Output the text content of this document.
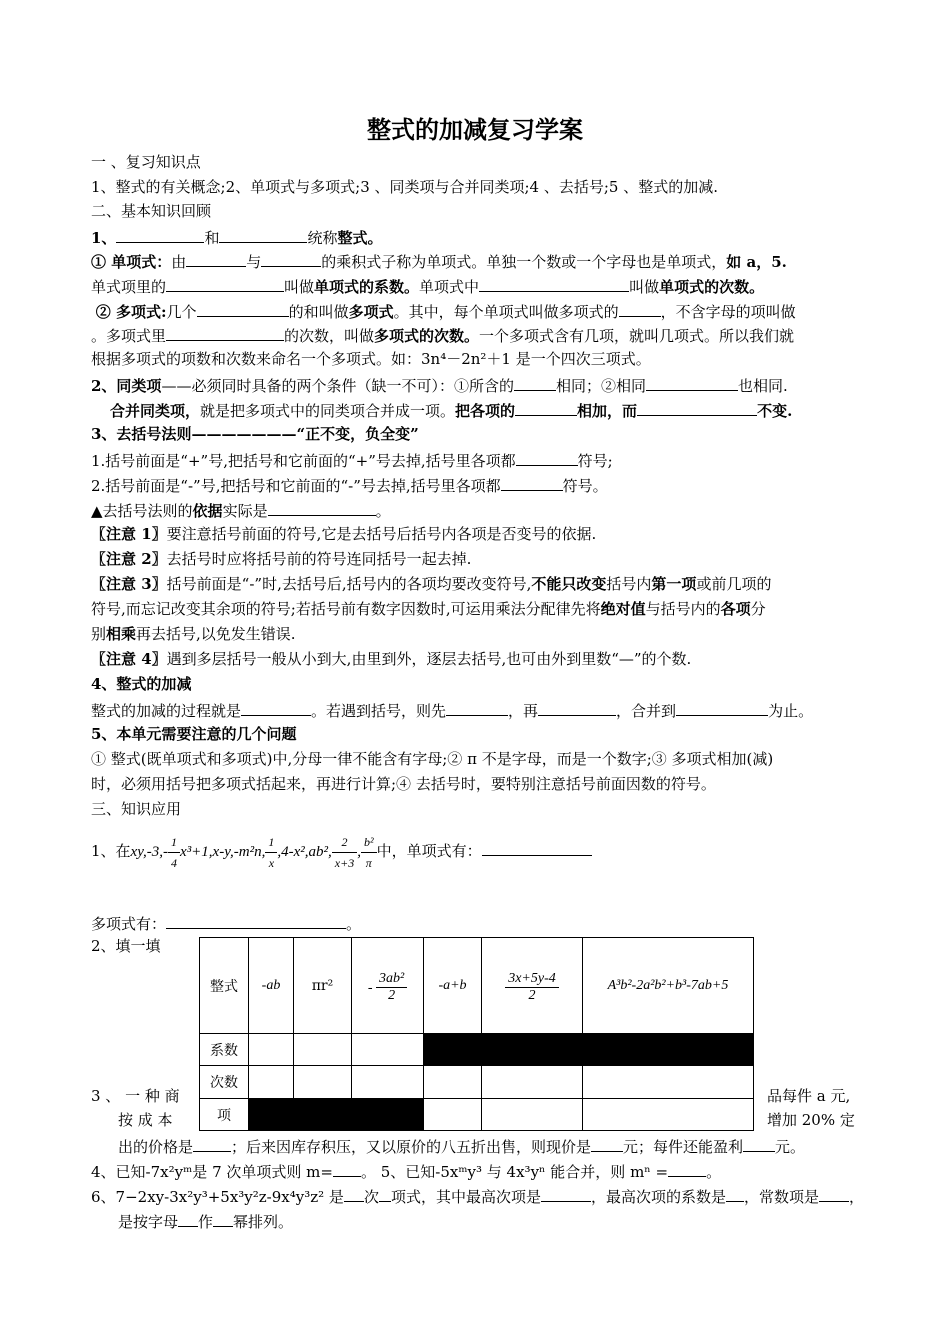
整式的加减复习学案
一 、复习知识点
1、整式的有关概念;2、单项式与多项式;3 、同类项与合并同类项;4 、去括号;5 、整式的加减.
二、基本知识回顾
1、	和	统称整式。
① 单项式：由	与	的乘积式子称为单项式。单独一个数或一个字母也是单项式，如 a，5.
单式项里的	叫做单项式的系数。单项式中	叫做单项式的次数。
② 多项式:几个	的和叫做多项式。其中，每个单项式叫做多项式的	，不含字母的项叫做
。多项式里	的次数，叫做多项式的次数。一个多项式含有几项，就叫几项式。所以我们就
根据多项式的项数和次数来命名一个多项式。如：3n⁴－2n²＋1 是一个四次三项式。
2、同类项——必须同时具备的两个条件（缺一不可）：①所含的	相同；②相同	也相同.
合并同类项，就是把多项式中的同类项合并成一项。把各项的	相加，而	不变.
3、去括号法则———————“正不变，负全变”
1.括号前面是“+”号,把括号和它前面的“+”号去掉,括号里各项都	符号;
2.括号前面是“-”号,把括号和它前面的“-”号去掉,括号里各项都	符号。
▲去括号法则的依据实际是	。
〖注意 1〗要注意括号前面的符号,它是去括号后括号内各项是否变号的依据.
〖注意 2〗去括号时应将括号前的符号连同括号一起去掉.
〖注意 3〗括号前面是“-”时,去括号后,括号内的各项均要改变符号,不能只改变括号内第一项或前几项的
符号,而忘记改变其余项的符号;若括号前有数字因数时,可运用乘法分配律先将绝对值与括号内的各项分
别相乘再去括号,以免发生错误.
〖注意 4〗遇到多层括号一般从小到大,由里到外，逐层去括号,也可由外到里数“—”的个数.
4、整式的加减
整式的加减的过程就是	。若遇到括号，则先	，再	，合并到	为止。
5、本单元需要注意的几个问题
① 整式(既单项式和多项式)中,分母一律不能含有字母;② π 不是字母，而是一个数字;③ 多项式相加(减)
时，必须用括号把多项式括起来，再进行计算;④ 去括号时，要特别注意括号前面因数的符号。
三、知识应用
1、在$xy,-3,- \frac{1}{4} x^3+1,x-y,-m^2n$, $\frac{1}{x} ,4-x^2,ab^2$, $\frac{2}{x+3}$ , $\frac{\text{b²}}{\pi}$ 中，单项式有：
多项式有：	。
2、填一填
整式	-ab	πr²	- $\frac{\text{3ab²}}{2}$	-a+b	$\frac{3x+5y-4}{2}$	A³b²-2a²b²+b³-7ab+5
系数						
次数						
项						
3 、 一 种 商	品每件 a 元,
按 成 本	增加 20% 定
出的价格是	；后来因库存积压，又以原价的八五折出售，则现价是 元；每件还能盈利 元。
4、已知-7x²yᵐ是 7 次单项式则 m= 。 5、已知-5xᵐy³ 与 4x³yⁿ 能合并，则 mⁿ =	。
6、7−2xy-3x²y³+5x³y²z-9x⁴y³z² 是 次 项式，其中最高次项是	，最高次项的系数是 ，常数项是 ，
是按字母 作 幂排列。
